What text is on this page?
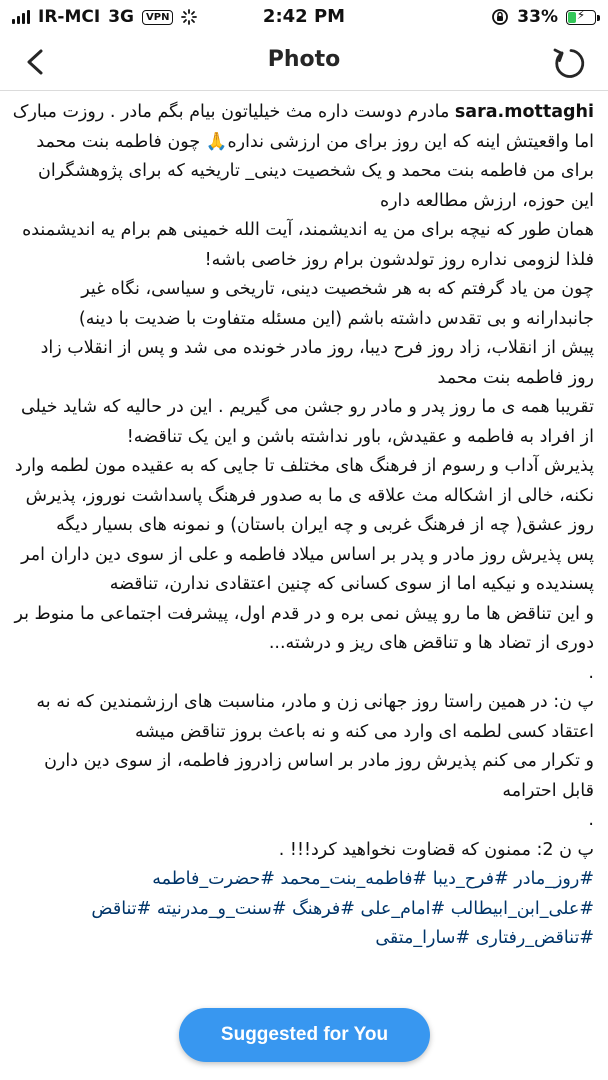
IR-MCI 3G	VPN	2:42 PM	33%	⚡
Photo

sara.mottaghi مادرم دوست داره مث خیلیاتون بیام بگم مادر . روزت مبارک

اما واقعیتش اینه که این روز برای من ارزشی نداره🙏 چون فاطمه بنت محمد برای من فاطمه بنت محمد و یک شخصیت دینی_ تاریخیه که برای پژوهشگران این حوزه، ارزش مطالعه داره

همان طور که نیچه برای من یه اندیشمند، آیت الله خمینی هم برام یه اندیشمنده فلذا لزومی نداره روز تولدشون برام روز خاصی باشه!

چون من یاد گرفتم که به هر شخصیت دینی، تاریخی و سیاسی، نگاه غیر جانبدارانه و بی تقدس داشته باشم (این مسئله متفاوت با ضدیت با دینه)

پیش از انقلاب، زاد روز فرح دیبا، روز مادر خونده می شد و پس از انقلاب زاد روز فاطمه بنت محمد

تقریبا همه ی ما روز پدر و مادر رو جشن می گیریم . این در حالیه که شاید خیلی از افراد به فاطمه و عقیدش، باور نداشته باشن و این یک تناقضه!

پذیرش آداب و رسوم از فرهنگ های مختلف تا جایی که به عقیده مون لطمه وارد نکنه، خالی از اشکاله مث علاقه ی ما به صدور فرهنگ پاسداشت نوروز، پذیرش روز عشق( چه از فرهنگ غربی و چه ایران باستان) و نمونه های بسیار دیگه

پس پذیرش روز مادر و پدر بر اساس میلاد فاطمه و علی از سوی دین داران امر پسندیده و نیکیه اما از سوی کسانی که چنین اعتقادی ندارن، تناقضه

و این تناقض ها ما رو پیش نمی بره و در قدم اول، پیشرفت اجتماعی ما منوط بر دوری از تضاد ها و تناقض های ریز و درشته...

.

پ ن: در همین راستا روز جهانی زن و مادر، مناسبت های ارزشمندین که نه به اعتقاد کسی لطمه ای وارد می کنه و نه باعث بروز تناقض میشه

و تکرار می کنم پذیرش روز مادر بر اساس زادروز فاطمه، از سوی دین دارن قابل احترامه

.

پ ن 2: ممنون که قضاوت نخواهید کرد!!! .

#روز_مادر #فرح_دیبا #فاطمه_بنت_محمد #حضرت_فاطمه #علی_ابن_ابیطالب #امام_علی #فرهنگ #سنت_و_مدرنیته #تناقض #تناقض_رفتاری #سارا_متقی

Suggested for You
